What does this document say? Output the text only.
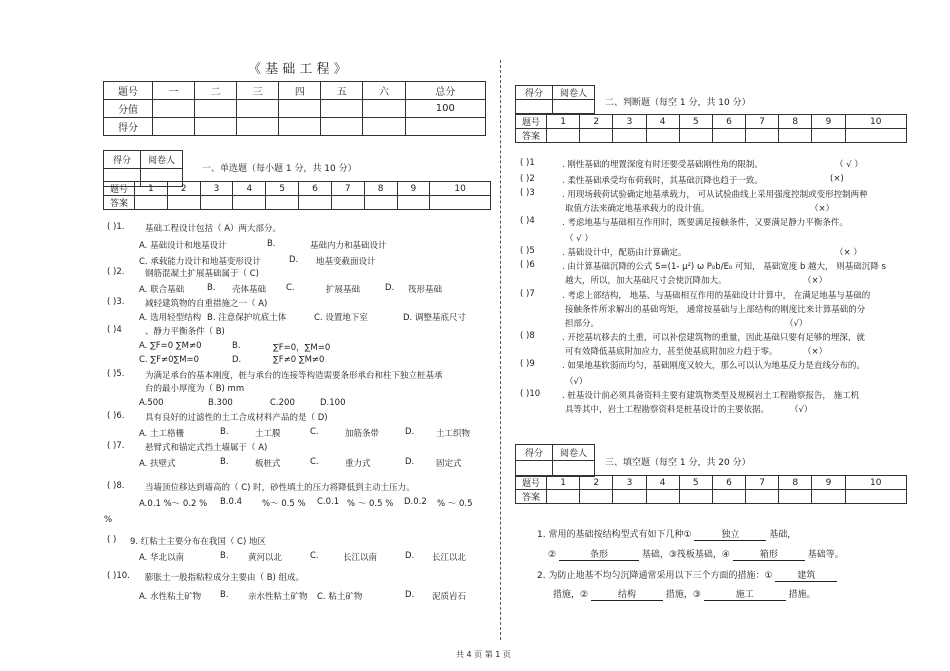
《 基 础 工 程 》
题号	一	二	三	四	五	六	总分
分值							100
得分							
得分	阅卷人

一、单选题（每小题 1 分，共 10 分）
题号	1	2	3	4	5	6	7	8	9	10
答案										
( )1. 基础工程设计包括（ A）两大部分。
A. 基础设计和地基设计	B.	基础内力和基础设计
C. 承载能力设计和地基变形设计	D. 地基变截面设计
( )2. 钢筋混凝土扩展基础属于（ C)
A. 联合基础	B. 壳体基础 C.	扩展基础	D. 筏形基础
( )3. 减轻建筑物的自重措施之一（ A)
A. 选用轻型结构 B. 注意保护坑底土体	C. 设置地下室	D. 调整基底尺寸
( )4	、静力平衡条件（ B)
A. ∑F=0 ∑M≠0	B.	∑F=0，∑M=0
C. ∑F≠0∑M=0	D.	∑F≠0 ∑M≠0
( )5. 为满足承台的基本刚度，桩与承台的连接等构造需要条形承台和柱下独立桩基承
台的最小厚度为（ B) mm
A.500	B.300	C.200	D.100
( )6. 具有良好的过滤性的土工合成材料产品的是（ D)
A. 土工格栅	B.	土工膜	C.	加筋条带	D.	土工织物
( )7. 悬臂式和锚定式挡土墙属于（ A)
A. 扶壁式	B.	板桩式	C.	重力式	D.	固定式
( )8. 当墙顶位移达到墙高的（ C) 时，砂性填土的压力将降低到主动土压力。
A.0.1 %～ 0.2 % B.0.4 %～ 0.5 % C.0.1 % ～ 0.5 % D.0.2 % ～ 0.5
%
( ) 9. 红粘土主要分布在我国（ C) 地区
A. 华北以南	B. 黄河以北	C.	长江以南	D. 长江以北
( )10. 膨胀土一般指粘粒成分主要由（ B) 组成。
A. 水性粘土矿物 B. 亲水性粘土矿物 C. 粘土矿物	D. 泥质岩石
得分	阅卷人

二、判断题（每空 1 分，共 10 分）
题号	1	2	3	4	5	6	7	8	9	10
答案										
( )1	. 刚性基础的埋置深度有时还要受基础刚性角的限制。	（ √ ）
( )2	. 柔性基础承受均布荷载时，其基础沉降也趋于一致。	(×)
( )3	. 用现场载荷试验确定地基承载力， 可从试验曲线上采用强度控制或变形控制两种
取值方法来确定地基承载力的设计值。	（×）
( )4	. 考虑地基与基础相互作用时，既要满足接触条件，又要满足静力平衡条件。
（ √ ）
( )5	. 基础设计中，配筋由计算确定。	（× ）
( )6	. 由计算基础沉降的公式 S=(1- μ²) ω P₀b/E₀ 可知， 基础宽度 b 越大， 则基础沉降 s
越大，所以，加大基础尺寸会使沉降加大。	（×）
( )7	. 考虑上部结构， 地基、与基础相互作用的基础设计计算中， 在满足地基与基础的
接触条件所求解出的基础弯矩， 通常按基础与上部结构的刚度比来计算基础的分
担部分。	（√）
( )8	. 开挖基坑移去的土重，可以补偿建筑物的重量，因此基础只要有足够的埋深，就
可有效降低基底附加应力，甚至使基底附加应力趋于零。	（×）
( )9	. 如果地基软弱而均匀，基础刚度又较大，那么可以认为地基反力是直线分布的。
（√）
( )10	. 桩基设计前必须具备资料主要有建筑物类型及规模岩土工程勘察报告， 施工机
具等其中，岩土工程勘察资料是桩基设计的主要依据。 （√）
得分	阅卷人

三、填空题（每空 1 分，共 20 分）
题号	1	2	3	4	5	6	7	8	9	10
答案										
1. 常用的基础按结构型式有如下几种①	独立	基础，
②	条形	基础，③筏板基础，④	箱形	基础等。
2. 为防止地基不均匀沉降通常采用以下三个方面的措施：①	建筑
措施，②	结构	措施，③	施工	措施。
共 4 页 第 1 页
